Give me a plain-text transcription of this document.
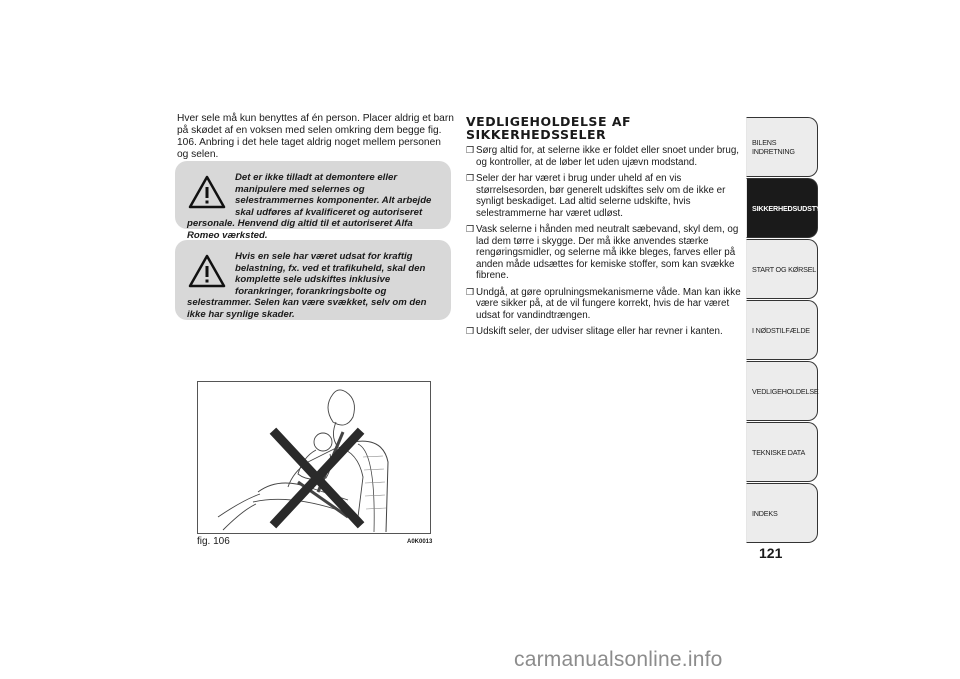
Hver sele må kun benyttes af én person. Placer aldrig et barn på skødet af en voksen med selen omkring dem begge fig. 106. Anbring i det hele taget aldrig noget mellem personen og selen.
Det er ikke tilladt at demontere eller manipulere med selernes og selestrammernes komponenter. Alt arbejde skal udføres af kvalificeret og autoriseret personale. Henvend dig altid til et autoriseret Alfa Romeo værksted.
Hvis en sele har været udsat for kraftig belastning, fx. ved et trafikuheld, skal den komplette sele udskiftes inklusive forankringer, forankringsbolte og selestrammer. Selen kan være svækket, selv om den ikke har synlige skader.
fig. 106	A0K0013
VEDLIGEHOLDELSE AF
SIKKERHEDSSELER
❒ Sørg altid for, at selerne ikke er foldet eller snoet under brug, og kontroller, at de løber let uden ujævn modstand.
❒ Seler der har været i brug under uheld af en vis størrelsesorden, bør generelt udskiftes selv om de ikke er synligt beskadiget. Lad altid selerne udskifte, hvis selestrammerne har været udløst.
❒ Vask selerne i hånden med neutralt sæbevand, skyl dem, og lad dem tørre i skygge. Der må ikke anvendes stærke rengøringsmidler, og selerne må ikke bleges, farves eller på anden måde udsættes for kemiske stoffer, som kan svække fibrene.
❒ Undgå, at gøre oprulningsmekanismerne våde. Man kan ikke være sikker på, at de vil fungere korrekt, hvis de har været udsat for vandindtrængen.
❒ Udskift seler, der udviser slitage eller har revner i kanten.
BILENS INDRETNING
SIKKERHEDSUDSTYR
START OG KØRSEL
I NØDSTILFÆLDE
VEDLIGEHOLDELSE
TEKNISKE DATA
INDEKS
121
carmanualsonline.info
